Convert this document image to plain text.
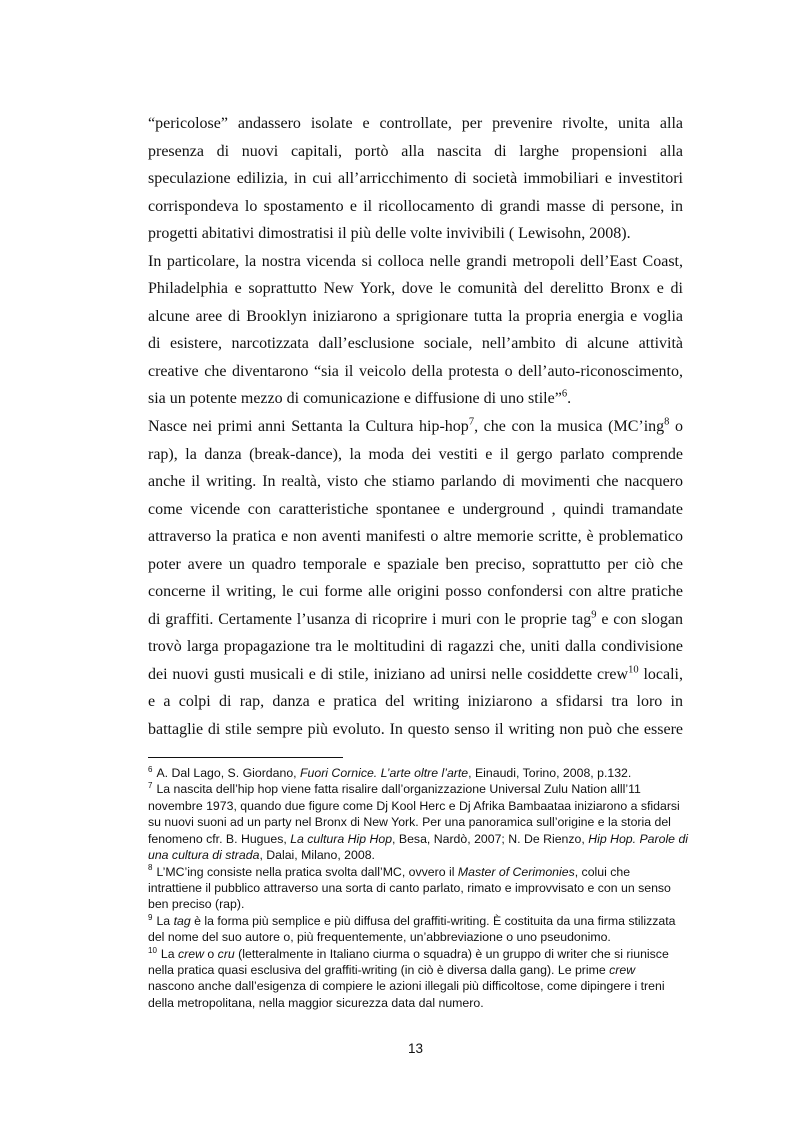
“pericolose” andassero isolate e controllate, per prevenire rivolte, unita alla
presenza di nuovi capitali, portò alla nascita di larghe propensioni alla
speculazione edilizia, in cui all’arricchimento di società immobiliari e investitori
corrispondeva lo spostamento e il ricollocamento di grandi masse di persone, in
progetti abitativi dimostratisi il più delle volte invivibili ( Lewisohn, 2008).
In particolare, la nostra vicenda si colloca nelle grandi metropoli dell’East Coast,
Philadelphia e soprattutto New York, dove le comunità del derelitto Bronx e di
alcune aree di Brooklyn iniziarono a sprigionare tutta la propria energia e voglia
di esistere, narcotizzata dall’esclusione sociale, nell’ambito di alcune attività
creative che diventarono “sia il veicolo della protesta o dell’auto-riconoscimento,
sia un potente mezzo di comunicazione e diffusione di uno stile”$^6$.
Nasce nei primi anni Settanta la Cultura hip-hop$^7$, che con la musica (MC’ing$^8$ o
rap), la danza (break-dance), la moda dei vestiti e il gergo parlato comprende
anche il writing. In realtà, visto che stiamo parlando di movimenti che nacquero
come vicende con caratteristiche spontanee e underground , quindi tramandate
attraverso la pratica e non aventi manifesti o altre memorie scritte, è problematico
poter avere un quadro temporale e spaziale ben preciso, soprattutto per ciò che
concerne il writing, le cui forme alle origini posso confondersi con altre pratiche
di graffiti. Certamente l’usanza di ricoprire i muri con le proprie tag$^9$ e con slogan
trovò larga propagazione tra le moltitudini di ragazzi che, uniti dalla condivisione
dei nuovi gusti musicali e di stile, iniziano ad unirsi nelle cosiddette crew$^{10}$ locali,
e a colpi di rap, danza e pratica del writing iniziarono a sfidarsi tra loro in
battaglie di stile sempre più evoluto. In questo senso il writing non può che essere
$^6$ A. Dal Lago, S. Giordano, Fuori Cornice. L’arte oltre l’arte, Einaudi, Torino, 2008, p.132.
$^7$ La nascita dell’hip hop viene fatta risalire dall’organizzazione Universal Zulu Nation alll’11
novembre 1973, quando due figure come Dj Kool Herc e Dj Afrika Bambaataa iniziarono a sfidarsi
su nuovi suoni ad un party nel Bronx di New York. Per una panoramica sull’origine e la storia del
fenomeno cfr. B. Hugues, La cultura Hip Hop, Besa, Nardò, 2007; N. De Rienzo, Hip Hop. Parole di
una cultura di strada, Dalai, Milano, 2008.
$^8$ L’MC’ing consiste nella pratica svolta dall’MC, ovvero il Master of Cerimonies, colui che
intrattiene il pubblico attraverso una sorta di canto parlato, rimato e improvvisato e con un senso
ben preciso (rap).
$^9$ La tag è la forma più semplice e più diffusa del graffiti-writing. È costituita da una firma stilizzata
del nome del suo autore o, più frequentemente, un’abbreviazione o uno pseudonimo.
$^{10}$ La crew o cru (letteralmente in Italiano ciurma o squadra) è un gruppo di writer che si riunisce
nella pratica quasi esclusiva del graffiti-writing (in ciò è diversa dalla gang). Le prime crew
nascono anche dall’esigenza di compiere le azioni illegali più difficoltose, come dipingere i treni
della metropolitana, nella maggior sicurezza data dal numero.
13
